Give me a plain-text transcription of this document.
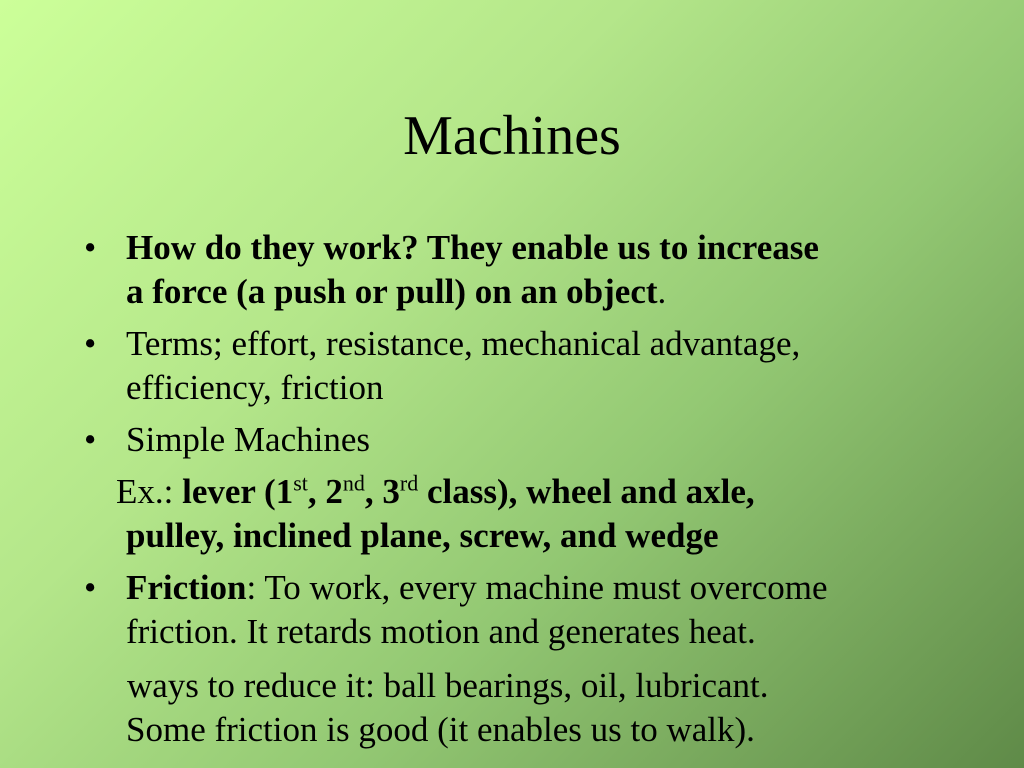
Machines
• How do they work? They enable us to increase
a force (a push or pull) on an object.
• Terms; effort, resistance, mechanical advantage,
efficiency, friction
• Simple Machines
Ex.: lever (1st, 2nd, 3rd class), wheel and axle,
pulley, inclined plane, screw, and wedge
• Friction: To work, every machine must overcome
friction. It retards motion and generates heat.
ways to reduce it: ball bearings, oil, lubricant.
Some friction is good (it enables us to walk).
